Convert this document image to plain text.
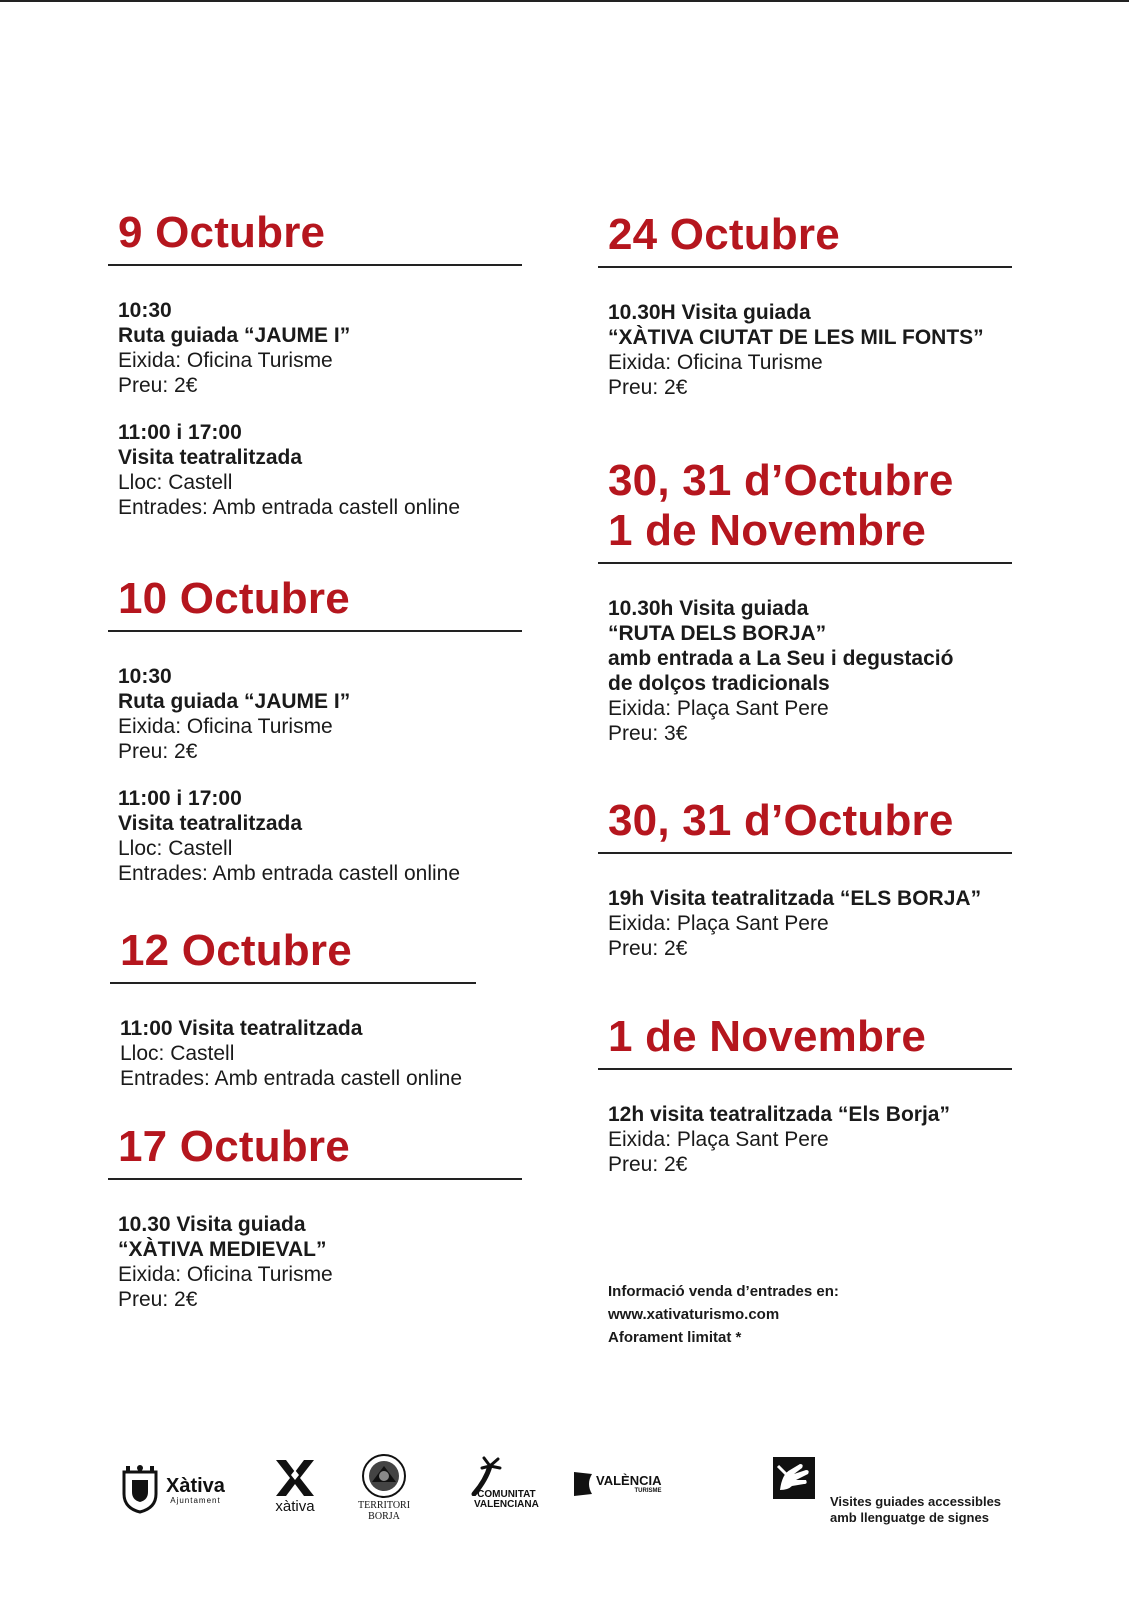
9 Octubre
10:30
Ruta guiada “JAUME I”
Eixida: Oficina Turisme
Preu: 2€
11:00 i 17:00
Visita teatralitzada
Lloc: Castell
Entrades: Amb entrada castell online
10 Octubre
10:30
Ruta guiada “JAUME I”
Eixida: Oficina Turisme
Preu: 2€
11:00 i 17:00
Visita teatralitzada
Lloc: Castell
Entrades: Amb entrada castell online
12 Octubre
11:00 Visita teatralitzada
Lloc: Castell
Entrades: Amb entrada castell online
17 Octubre
10.30 Visita guiada
“XÀTIVA MEDIEVAL”
Eixida: Oficina Turisme
Preu: 2€
24 Octubre
10.30H Visita guiada
“XÀTIVA CIUTAT DE LES MIL FONTS”
Eixida: Oficina Turisme
Preu: 2€
30, 31 d’Octubre
1 de Novembre
10.30h Visita guiada
“RUTA DELS BORJA”
amb entrada a La Seu i degustació
de dolços tradicionals
Eixida: Plaça Sant Pere
Preu: 3€
30, 31 d’Octubre
19h Visita teatralitzada “ELS BORJA”
Eixida: Plaça Sant Pere
Preu: 2€
1 de Novembre
12h visita teatralitzada “Els Borja”
Eixida: Plaça Sant Pere
Preu: 2€
Informació venda d’entrades en:
www.xativaturismo.com
Aforament limitat *
Xàtiva
Ajuntament	xàtiva	TERRITORI
BORJA
COMUNITAT
VALENCIANA
VALÈNCIA
TURISME
Visites guiades accessibles
amb llenguatge de signes
